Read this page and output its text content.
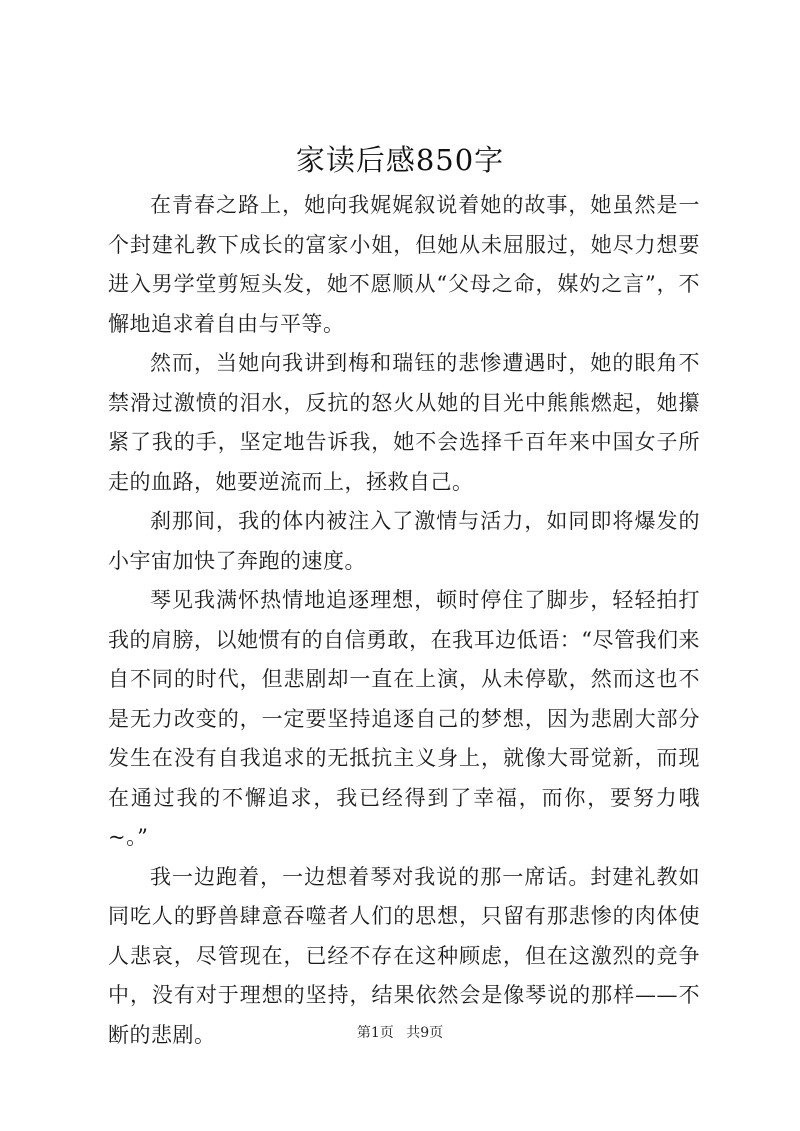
家读后感850字

在青春之路上，她向我娓娓叙说着她的故事，她虽然是一个封建礼教下成长的富家小姐，但她从未屈服过，她尽力想要进入男学堂剪短头发，她不愿顺从“父母之命，媒妁之言”，不懈地追求着自由与平等。

然而，当她向我讲到梅和瑞钰的悲惨遭遇时，她的眼角不禁滑过激愤的泪水，反抗的怒火从她的目光中熊熊燃起，她攥紧了我的手，坚定地告诉我，她不会选择千百年来中国女子所走的血路，她要逆流而上，拯救自己。

刹那间，我的体内被注入了激情与活力，如同即将爆发的小宇宙加快了奔跑的速度。

琴见我满怀热情地追逐理想，顿时停住了脚步，轻轻拍打我的肩膀，以她惯有的自信勇敢，在我耳边低语：“尽管我们来自不同的时代，但悲剧却一直在上演，从未停歇，然而这也不是无力改变的，一定要坚持追逐自己的梦想，因为悲剧大部分发生在没有自我追求的无抵抗主义身上，就像大哥觉新，而现在通过我的不懈追求，我已经得到了幸福，而你，要努力哦~。”

我一边跑着，一边想着琴对我说的那一席话。封建礼教如同吃人的野兽肆意吞噬者人们的思想，只留有那悲惨的肉体使人悲哀，尽管现在，已经不存在这种顾虑，但在这激烈的竞争中，没有对于理想的坚持，结果依然会是像琴说的那样——不断的悲剧。	第1页 共9页
